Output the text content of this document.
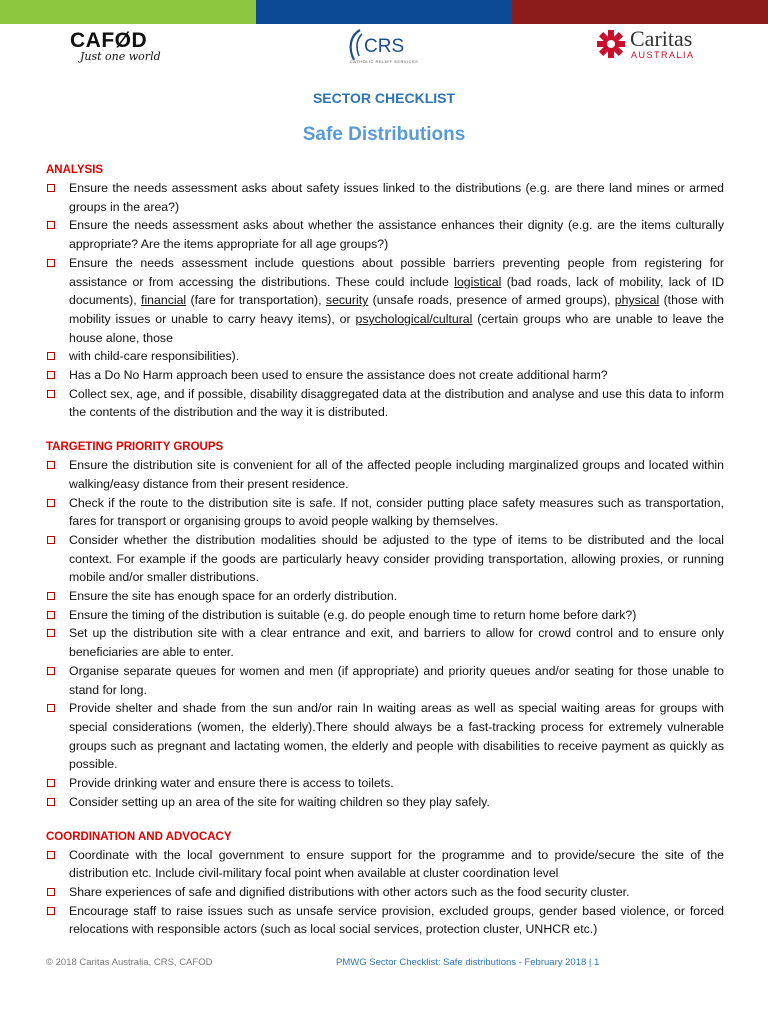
CAFØD
Just one world	CRS
CATHOLIC RELIEF SERVICES
Caritas
AUSTRALIA
SECTOR CHECKLIST
Safe Distributions
ANALYSIS
Ensure the needs assessment asks about safety issues linked to the distributions (e.g. are there land mines or armed groups in the area?)
Ensure the needs assessment asks about whether the assistance enhances their dignity (e.g. are the items culturally appropriate? Are the items appropriate for all age groups?)
Ensure the needs assessment include questions about possible barriers preventing people from registering for assistance or from accessing the distributions. These could include logistical (bad roads, lack of mobility, lack of ID documents), financial (fare for transportation), security (unsafe roads, presence of armed groups), physical (those with mobility issues or unable to carry heavy items), or psychological/cultural (certain groups who are unable to leave the house alone, those
with child-care responsibilities).
Has a Do No Harm approach been used to ensure the assistance does not create additional harm?
Collect sex, age, and if possible, disability disaggregated data at the distribution and analyse and use this data to inform the contents of the distribution and the way it is distributed.
TARGETING PRIORITY GROUPS
Ensure the distribution site is convenient for all of the affected people including marginalized groups and located within walking/easy distance from their present residence.
Check if the route to the distribution site is safe. If not, consider putting place safety measures such as transportation, fares for transport or organising groups to avoid people walking by themselves.
Consider whether the distribution modalities should be adjusted to the type of items to be distributed and the local context. For example if the goods are particularly heavy consider providing transportation, allowing proxies, or running mobile and/or smaller distributions.
Ensure the site has enough space for an orderly distribution.
Ensure the timing of the distribution is suitable (e.g. do people enough time to return home before dark?)
Set up the distribution site with a clear entrance and exit, and barriers to allow for crowd control and to ensure only beneficiaries are able to enter.
Organise separate queues for women and men (if appropriate) and priority queues and/or seating for those unable to stand for long.
Provide shelter and shade from the sun and/or rain In waiting areas as well as special waiting areas for groups with special considerations (women, the elderly).There should always be a fast-tracking process for extremely vulnerable groups such as pregnant and lactating women, the elderly and people with disabilities to receive payment as quickly as possible.
Provide drinking water and ensure there is access to toilets.
Consider setting up an area of the site for waiting children so they play safely.
COORDINATION AND ADVOCACY
Coordinate with the local government to ensure support for the programme and to provide/secure the site of the distribution etc. Include civil-military focal point when available at cluster coordination level
Share experiences of safe and dignified distributions with other actors such as the food security cluster.
Encourage staff to raise issues such as unsafe service provision, excluded groups, gender based violence, or forced relocations with responsible actors (such as local social services, protection cluster, UNHCR etc.)
© 2018 Caritas Australia, CRS, CAFOD	PMWG Sector Checklist: Safe distributions - February 2018 | 1
